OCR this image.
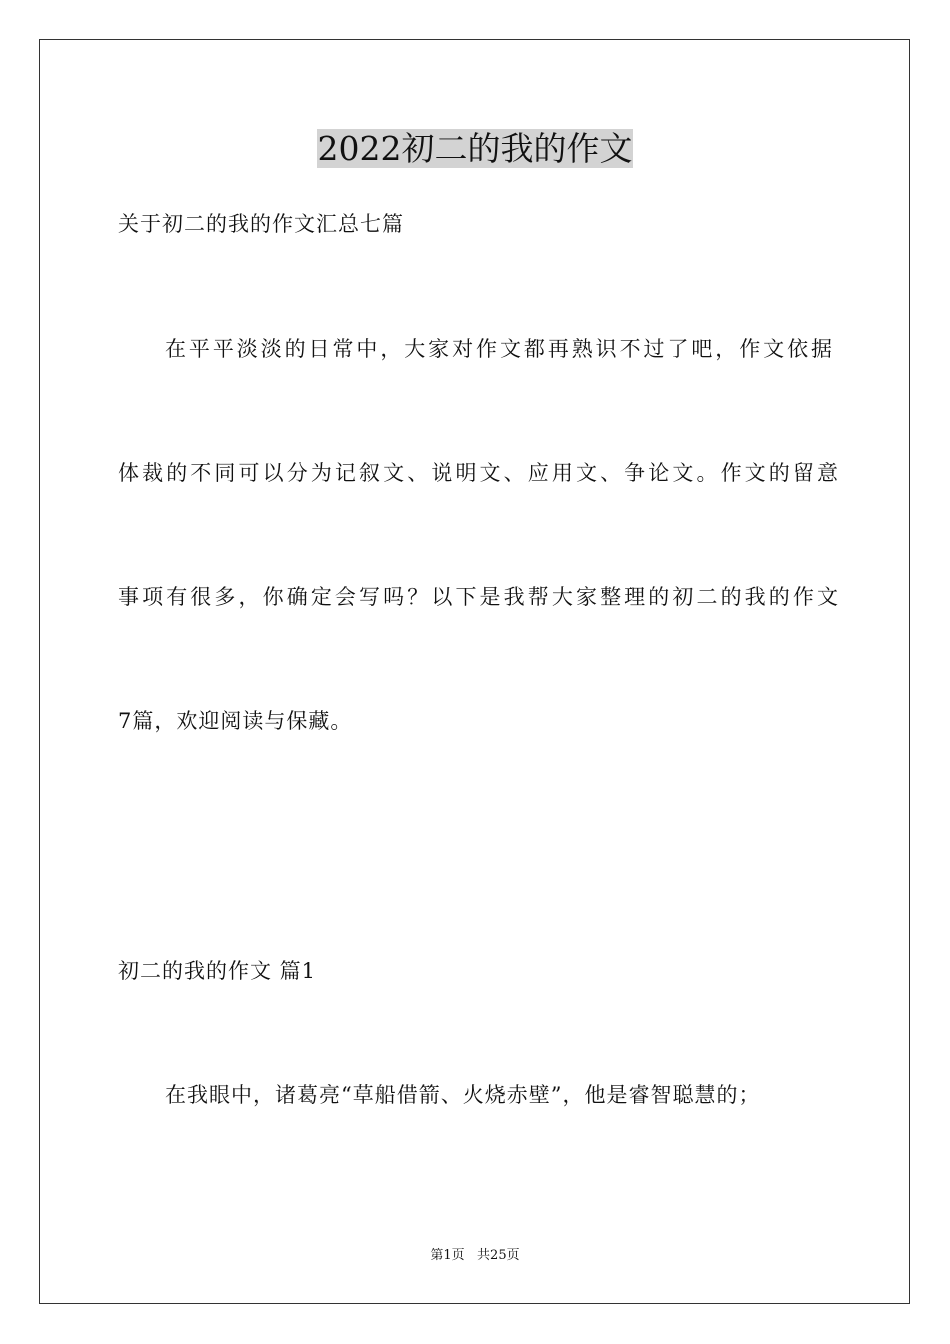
2022初二的我的作文
关于初二的我的作文汇总七篇
在平平淡淡的日常中，大家对作文都再熟识不过了吧，作文依据
体裁的不同可以分为记叙文、说明文、应用文、争论文。作文的留意
事项有很多，你确定会写吗？以下是我帮大家整理的初二的我的作文
7篇，欢迎阅读与保藏。
初二的我的作文 篇1
在我眼中，诸葛亮“草船借箭、火烧赤壁”，他是睿智聪慧的；
第1页   共25页
